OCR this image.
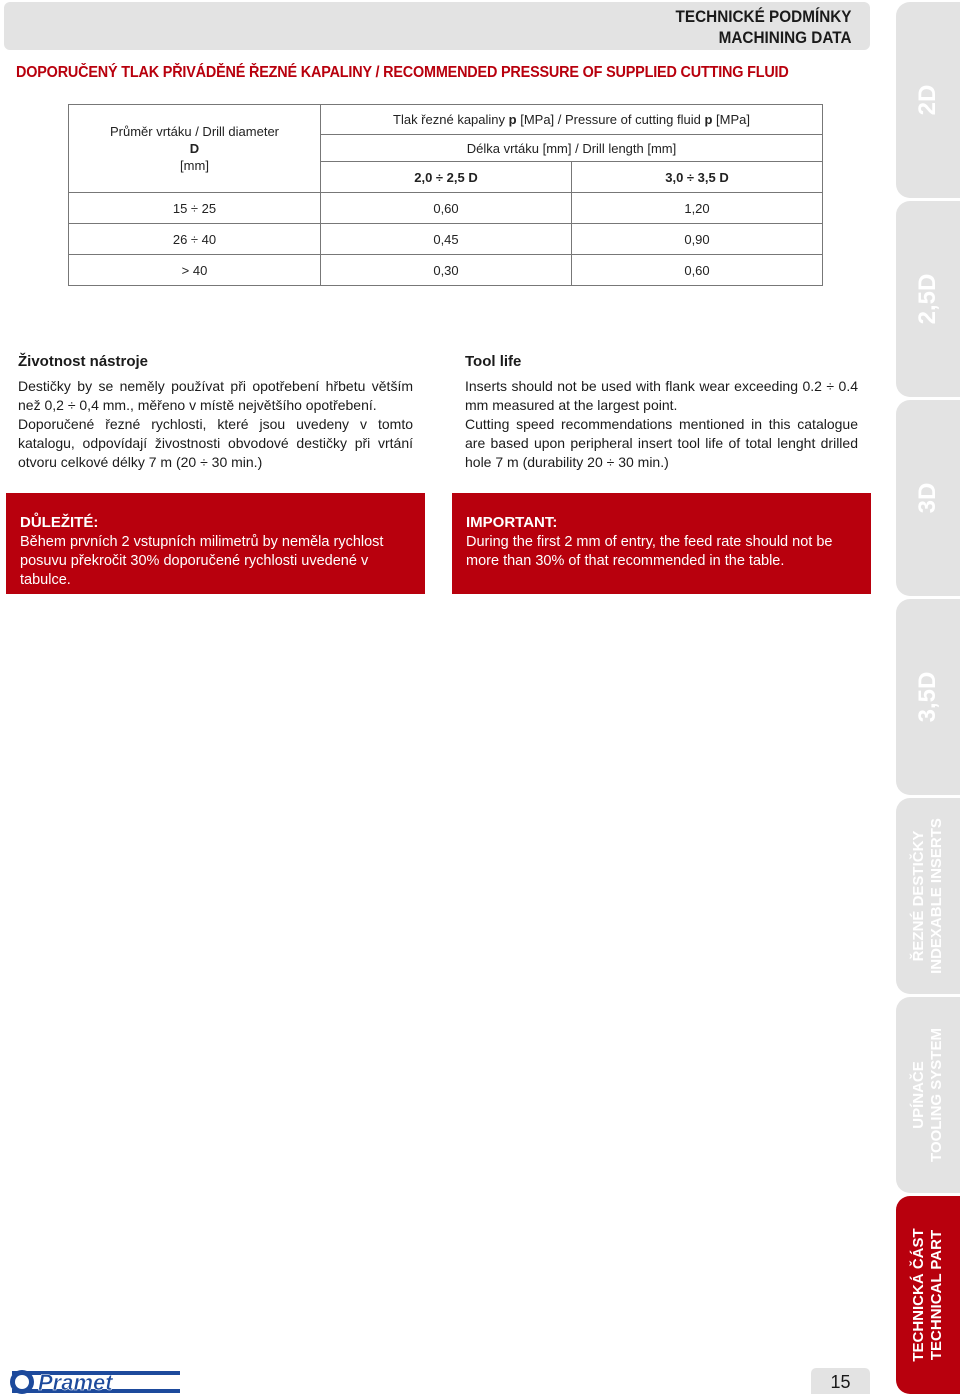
TECHNICKÉ PODMÍNKY
MACHINING DATA
DOPORUČENÝ TLAK PŘIVÁDĚNÉ ŘEZNÉ KAPALINY / RECOMMENDED PRESSURE OF SUPPLIED CUTTING FLUID
Průměr vrtáku / Drill diameter
D
[mm]	Tlak řezné kapaliny p [MPa] / Pressure of cutting fluid p [MPa]	
	Délka vrtáku [mm] / Drill length [mm]	
	2,0 ÷ 2,5 D	3,0 ÷ 3,5 D
15 ÷ 25	0,60	1,20
26 ÷ 40	0,45	0,90
> 40	0,30	0,60
Životnost nástroje
Destičky by se neměly používat při opotřebení hřbetu větším než 0,2 ÷ 0,4 mm., měřeno v místě největšího opotřebení.
Doporučené řezné rychlosti, které jsou uvedeny v tomto katalogu, odpovídají živostnosti obvodové destičky při vrtání otvoru celkové délky 7 m (20 ÷ 30 min.)
Tool life
Inserts should not be used with flank wear exceeding 0.2 ÷ 0.4 mm measured at the largest point.
Cutting speed recommendations mentioned in this catalogue are based upon peripheral insert tool life of total lenght drilled hole 7 m (durability 20 ÷ 30 min.)
DŮLEŽITÉ:
Během prvních 2 vstupních milimetrů by neměla rychlost posuvu překročit 30% doporučené rychlosti uvedené v tabulce.
IMPORTANT:
During the first 2 mm of entry, the feed rate should not be more than 30% of that recommended in the table.
2D
2,5D
3D
3,5D
ŘEZNÉ DESTIČKY INDEXABLE INSERTS
UPÍNAČE TOOLING SYSTEM
TECHNICKÁ ČÁST TECHNICAL PART
15
Pramet
